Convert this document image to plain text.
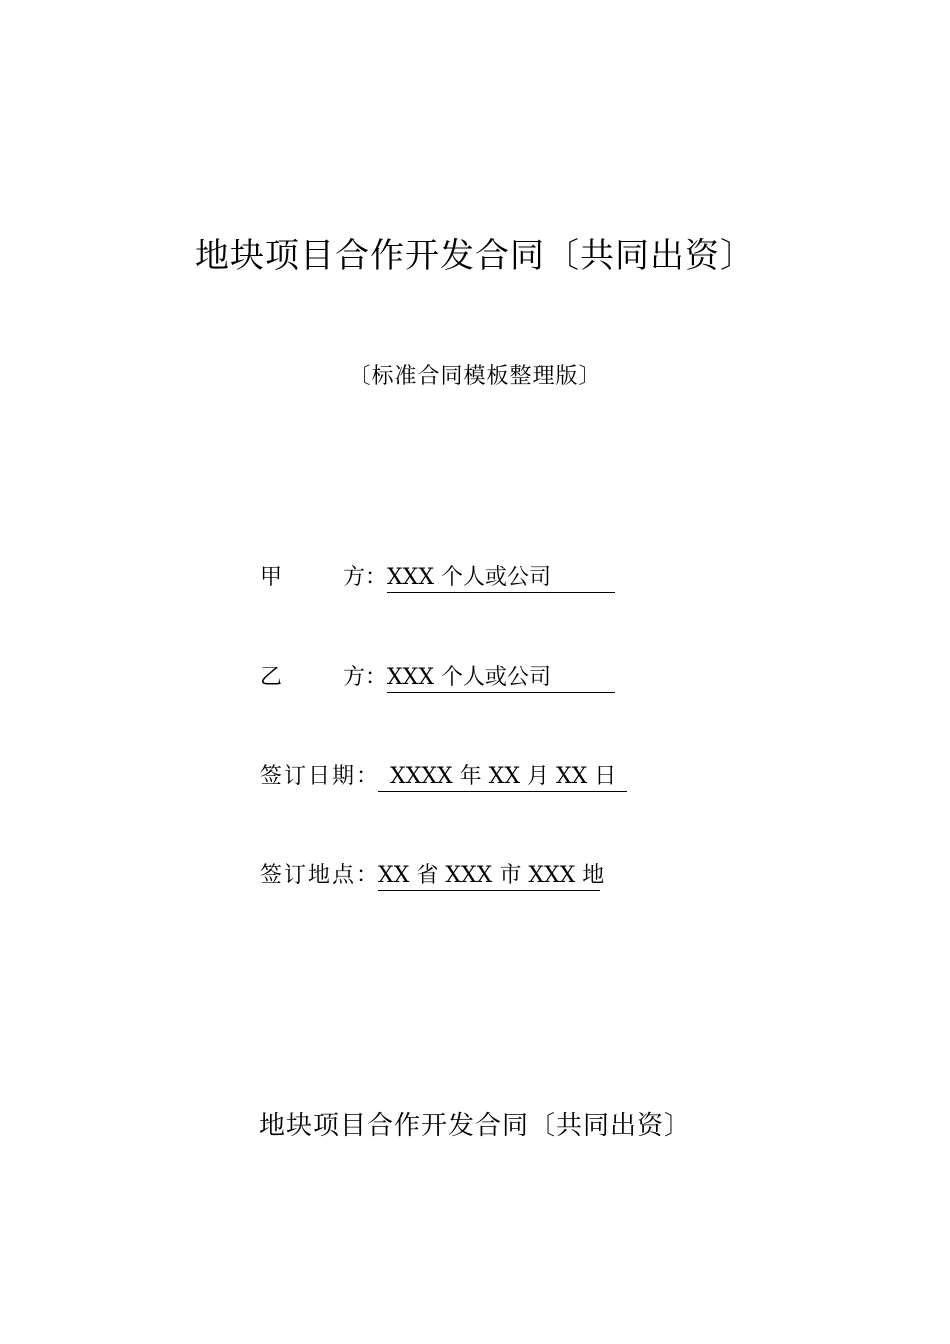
地块项目合作开发合同〔共同出资〕
〔标准合同模板整理版〕
甲	方 ： XXX 个人或公司
乙	方 ： XXX 个人或公司
签订日期 ： XXXX 年 XX 月 XX 日
签订地点 ： XX 省 XXX 市 XXX 地
地块项目合作开发合同〔共同出资〕
